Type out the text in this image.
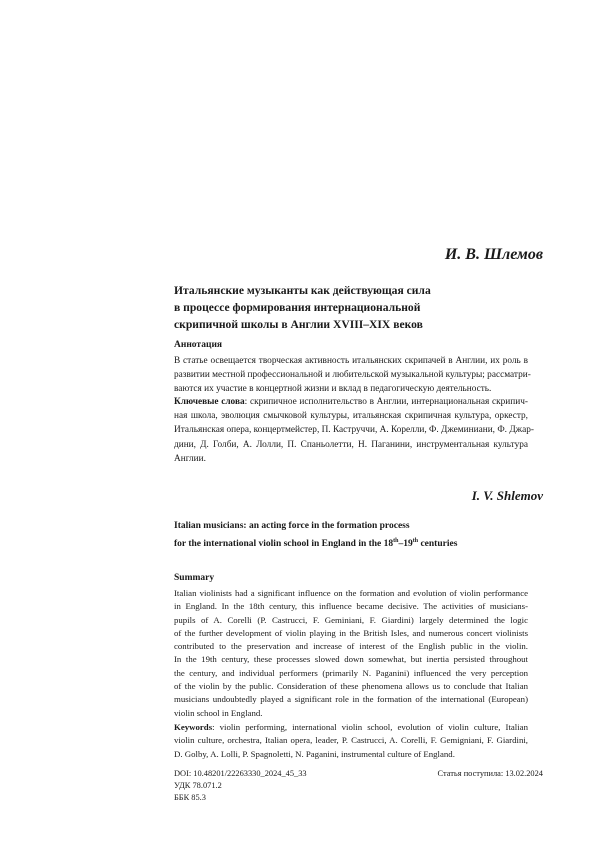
И. В. Шлемов
Итальянские музыканты как действующая сила
в процессе формирования интернациональной
скрипичной школы в Англии XVIII–XIX веков
Аннотация
В статье освещается творческая активность итальянских скрипачей в Англии, их роль в
развитии местной профессиональной и любительской музыкальной культуры; рассматри-
ваются их участие в концертной жизни и вклад в педагогическую деятельность.
Ключевые слова: скрипичное исполнительство в Англии, интернациональная скрипич-
ная школа, эволюция смычковой культуры, итальянская скрипичная культура, оркестр,
Итальянская опера, концертмейстер, П. Каструччи, А. Корелли, Ф. Джеминиани, Ф. Джар-
дини, Д. Голби, А. Лолли, П. Спаньолетти, Н. Паганини, инструментальная культура
Англии.
I. V. Shlemov
Italian musicians: an acting force in the formation process
for the international violin school in England in the 18th–19th centuries
Summary
Italian violinists had a significant influence on the formation and evolution of violin performance
in England. In the 18th century, this influence became decisive. The activities of musicians-
pupils of A. Corelli (P. Castrucci, F. Geminiani, F. Giardini) largely determined the logic
of the further development of violin playing in the British Isles, and numerous concert violinists
contributed to the preservation and increase of interest of the English public in the violin.
In the 19th century, these processes slowed down somewhat, but inertia persisted throughout
the century, and individual performers (primarily N. Paganini) influenced the very perception
of the violin by the public. Consideration of these phenomena allows us to conclude that Italian
musicians undoubtedly played a significant role in the formation of the international (European)
violin school in England.
Keywords: violin performing, international violin school, evolution of violin culture, Italian
violin culture, orchestra, Italian opera, leader, P. Castrucci, A. Corelli, F. Gemigniani, F. Giardini,
D. Golby, A. Lolli, P. Spagnoletti, N. Paganini, instrumental culture of England.
DOI: 10.48201/22263330_2024_45_33
УДК 78.071.2
ББК 85.3
Статья поступила: 13.02.2024
